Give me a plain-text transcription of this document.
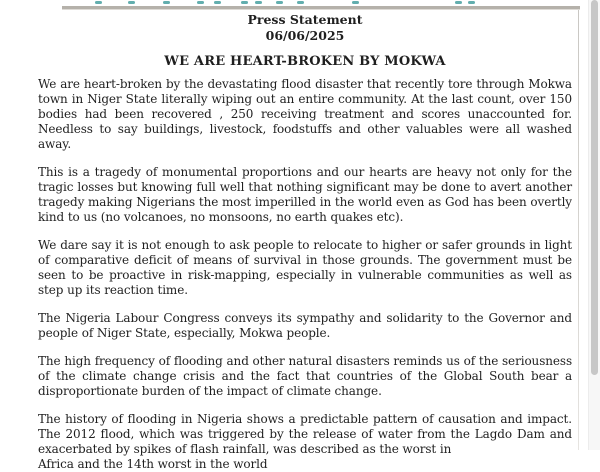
Press Statement
06/06/2025
WE ARE HEART-BROKEN BY MOKWA

We are heart-broken by the devastating flood disaster that recently tore through Mokwa town in Niger State literally wiping out an entire community. At the last count, over 150 bodies had been recovered , 250 receiving treatment and scores unaccounted for. Needless to say buildings, livestock, foodstuffs and other valuables were all washed away.

This is a tragedy of monumental proportions and our hearts are heavy not only for the tragic losses but knowing full well that nothing significant may be done to avert another tragedy making Nigerians the most imperilled in the world even as God has been overtly kind to us (no volcanoes, no monsoons, no earth quakes etc).

We dare say it is not enough to ask people to relocate to higher or safer grounds in light of comparative deficit of means of survival in those grounds. The government must be seen to be proactive in risk-mapping, especially in vulnerable communities as well as step up its reaction time.

The Nigeria Labour Congress conveys its sympathy and solidarity to the Governor and people of Niger State, especially, Mokwa people.

The high frequency of flooding and other natural disasters reminds us of the seriousness of the climate change crisis and the fact that countries of the Global South bear a disproportionate burden of the impact of climate change.

The history of flooding in Nigeria shows a predictable pattern of causation and impact. The 2012 flood, which was triggered by the release of water from the Lagdo Dam and exacerbated by spikes of flash rainfall, was described as the worst in

Africa and the 14th worst in the world
